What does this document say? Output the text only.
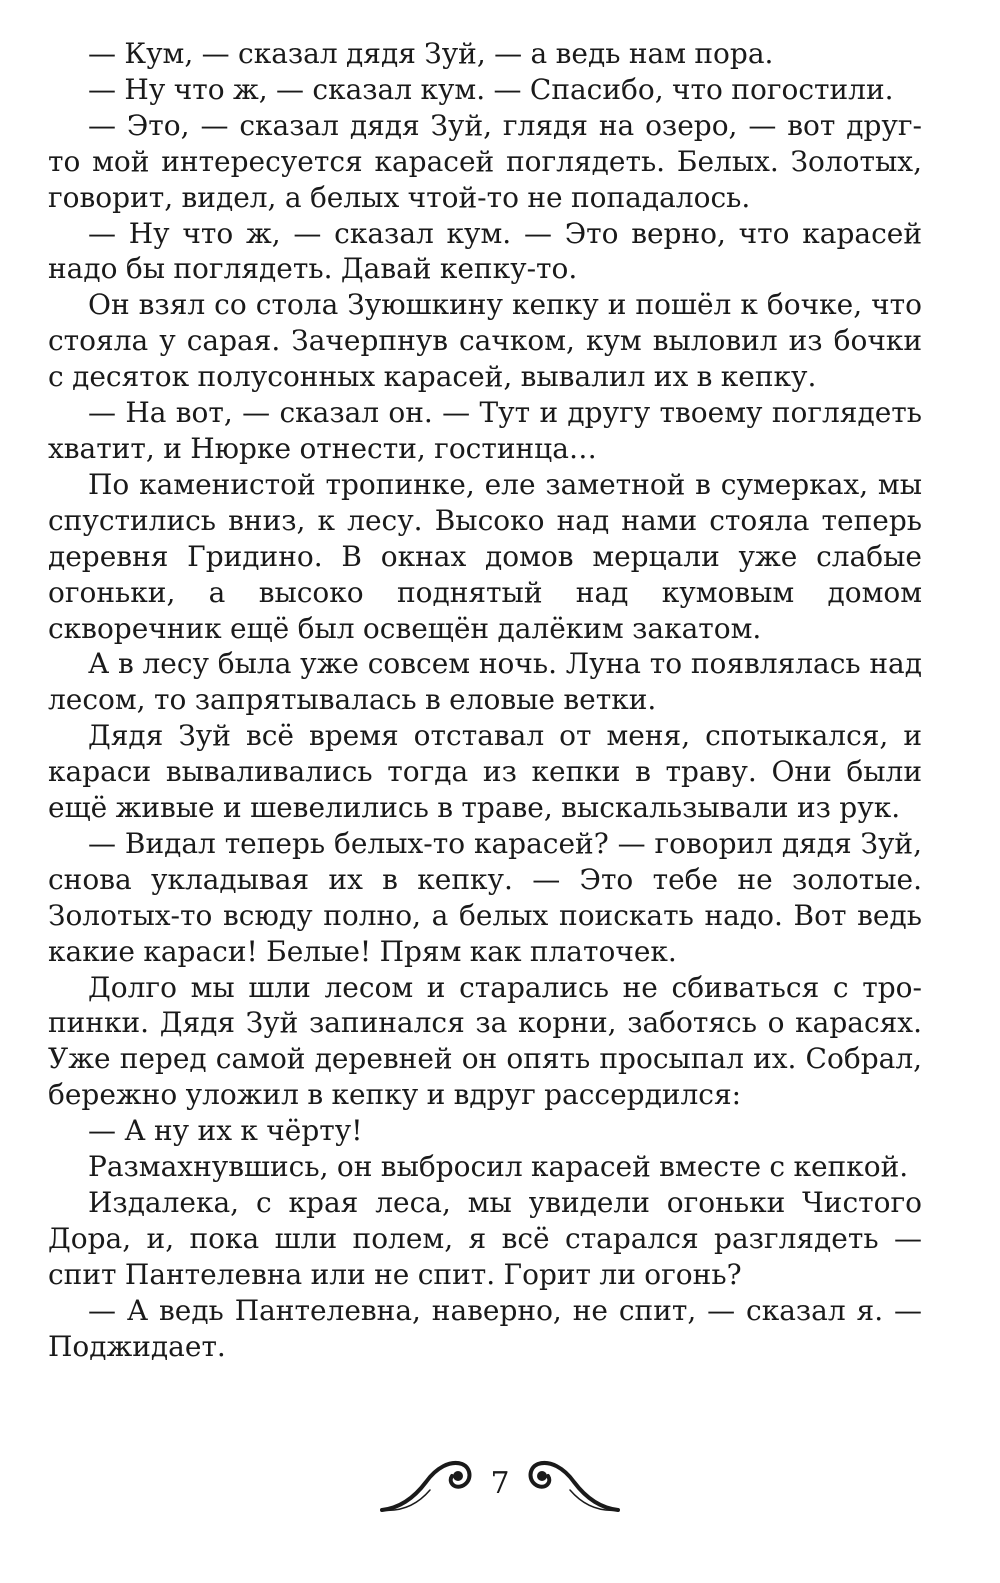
— Кум, — сказал дядя Зуй, — а ведь нам пора.

— Ну что ж, — сказал кум. — Спасибо, что погостили.

— Это, — сказал дядя Зуй, глядя на озеро, — вот друг-то мой интересуется карасей поглядеть. Белых. Золотых, говорит, видел, а белых чтой-то не попадалось.

— Ну что ж, — сказал кум. — Это верно, что карасей надо бы поглядеть. Давай кепку-то.

Он взял со стола Зуюшкину кепку и пошёл к бочке, что стояла у сарая. Зачерпнув сачком, кум выловил из бочки с десяток полусонных карасей, вывалил их в кепку.

— На вот, — сказал он. — Тут и другу твоему поглядеть хватит, и Нюрке отнести, гостинца…

По каменистой тропинке, еле заметной в сумерках, мы спустились вниз, к лесу. Высоко над нами стояла теперь деревня Гридино. В окнах домов мерцали уже слабые огоньки, а высоко поднятый над кумовым домом скворечник ещё был освещён далёким закатом.

А в лесу была уже совсем ночь. Луна то появлялась над лесом, то запрятывалась в еловые ветки.

Дядя Зуй всё время отставал от меня, спотыкался, и караси вываливались тогда из кепки в траву. Они были ещё живые и шевелились в траве, выскальзывали из рук.

— Видал теперь белых-то карасей? — говорил дядя Зуй, снова укладывая их в кепку. — Это тебе не золотые. Золотых-то всюду полно, а белых поискать надо. Вот ведь какие караси! Белые! Прям как платочек.

Долго мы шли лесом и старались не сбиваться с тропинки. Дядя Зуй запинался за корни, заботясь о карасях. Уже перед самой деревней он опять просыпал их. Собрал, бережно уложил в кепку и вдруг рассердился:

— А ну их к чёрту!

Размахнувшись, он выбросил карасей вместе с кепкой.

Издалека, с края леса, мы увидели огоньки Чистого Дора, и, пока шли полем, я всё старался разглядеть — спит Пантелевна или не спит. Горит ли огонь?

— А ведь Пантелевна, наверно, не спит, — сказал я. — Поджидает.

7
